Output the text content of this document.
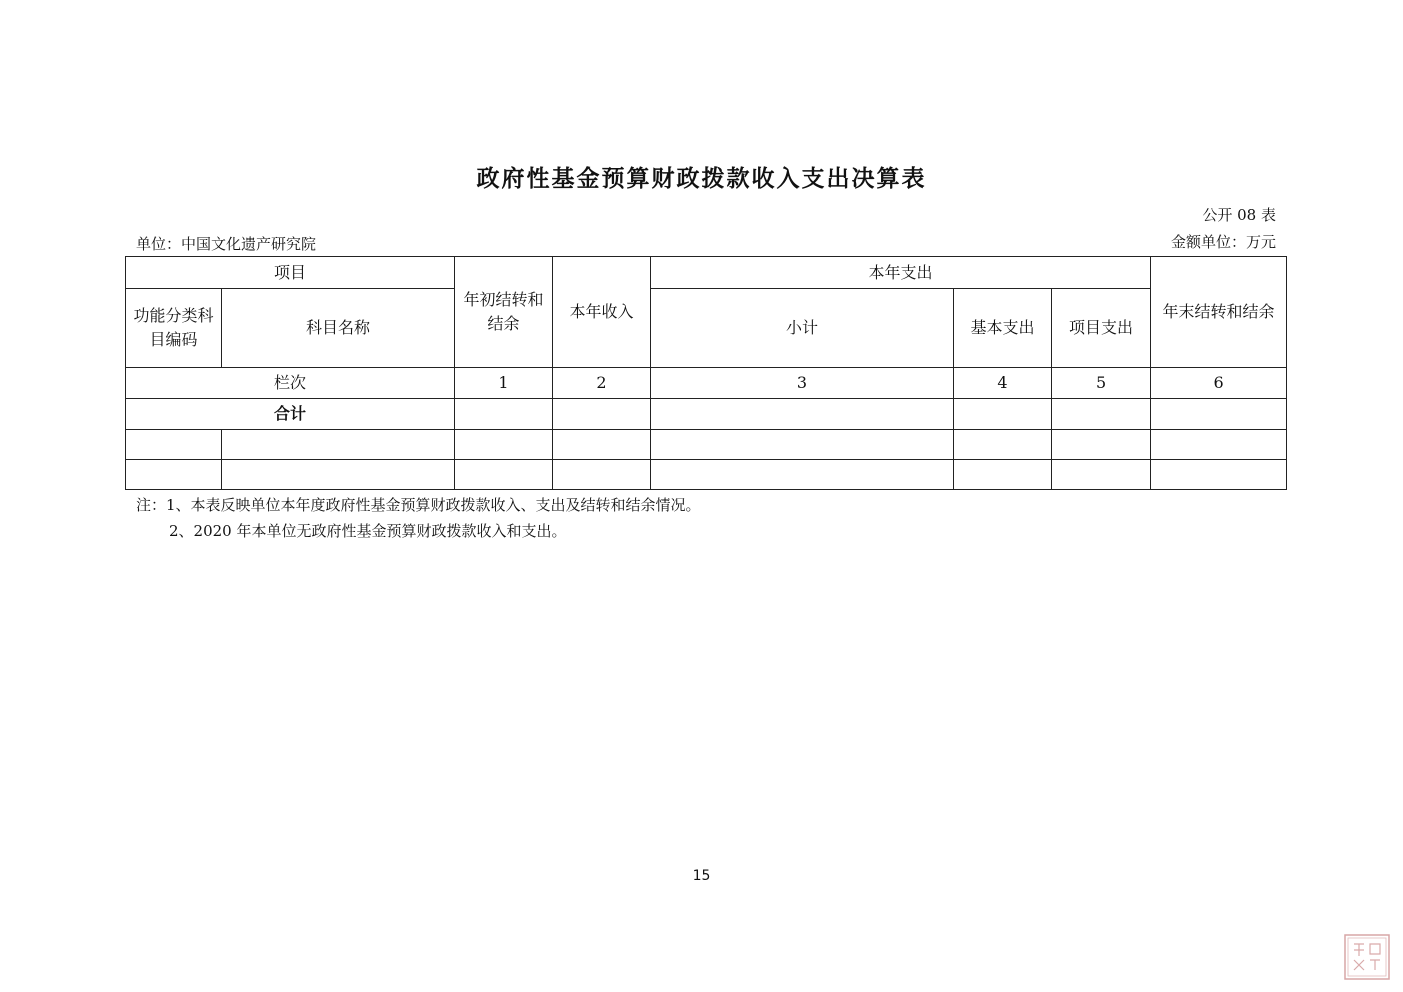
政府性基金预算财政拨款收入支出决算表
公开 08 表
单位：中国文化遗产研究院	金额单位：万元
项目		年初结转和结余	本年收入	本年支出			年末结转和结余
功能分类科目编码	科目名称			小计	基本支出	项目支出	
栏次		1	2	3	4	5	6
合计							

注：1、本表反映单位本年度政府性基金预算财政拨款收入、支出及结转和结余情况。
2、2020 年本单位无政府性基金预算财政拨款收入和支出。
15
